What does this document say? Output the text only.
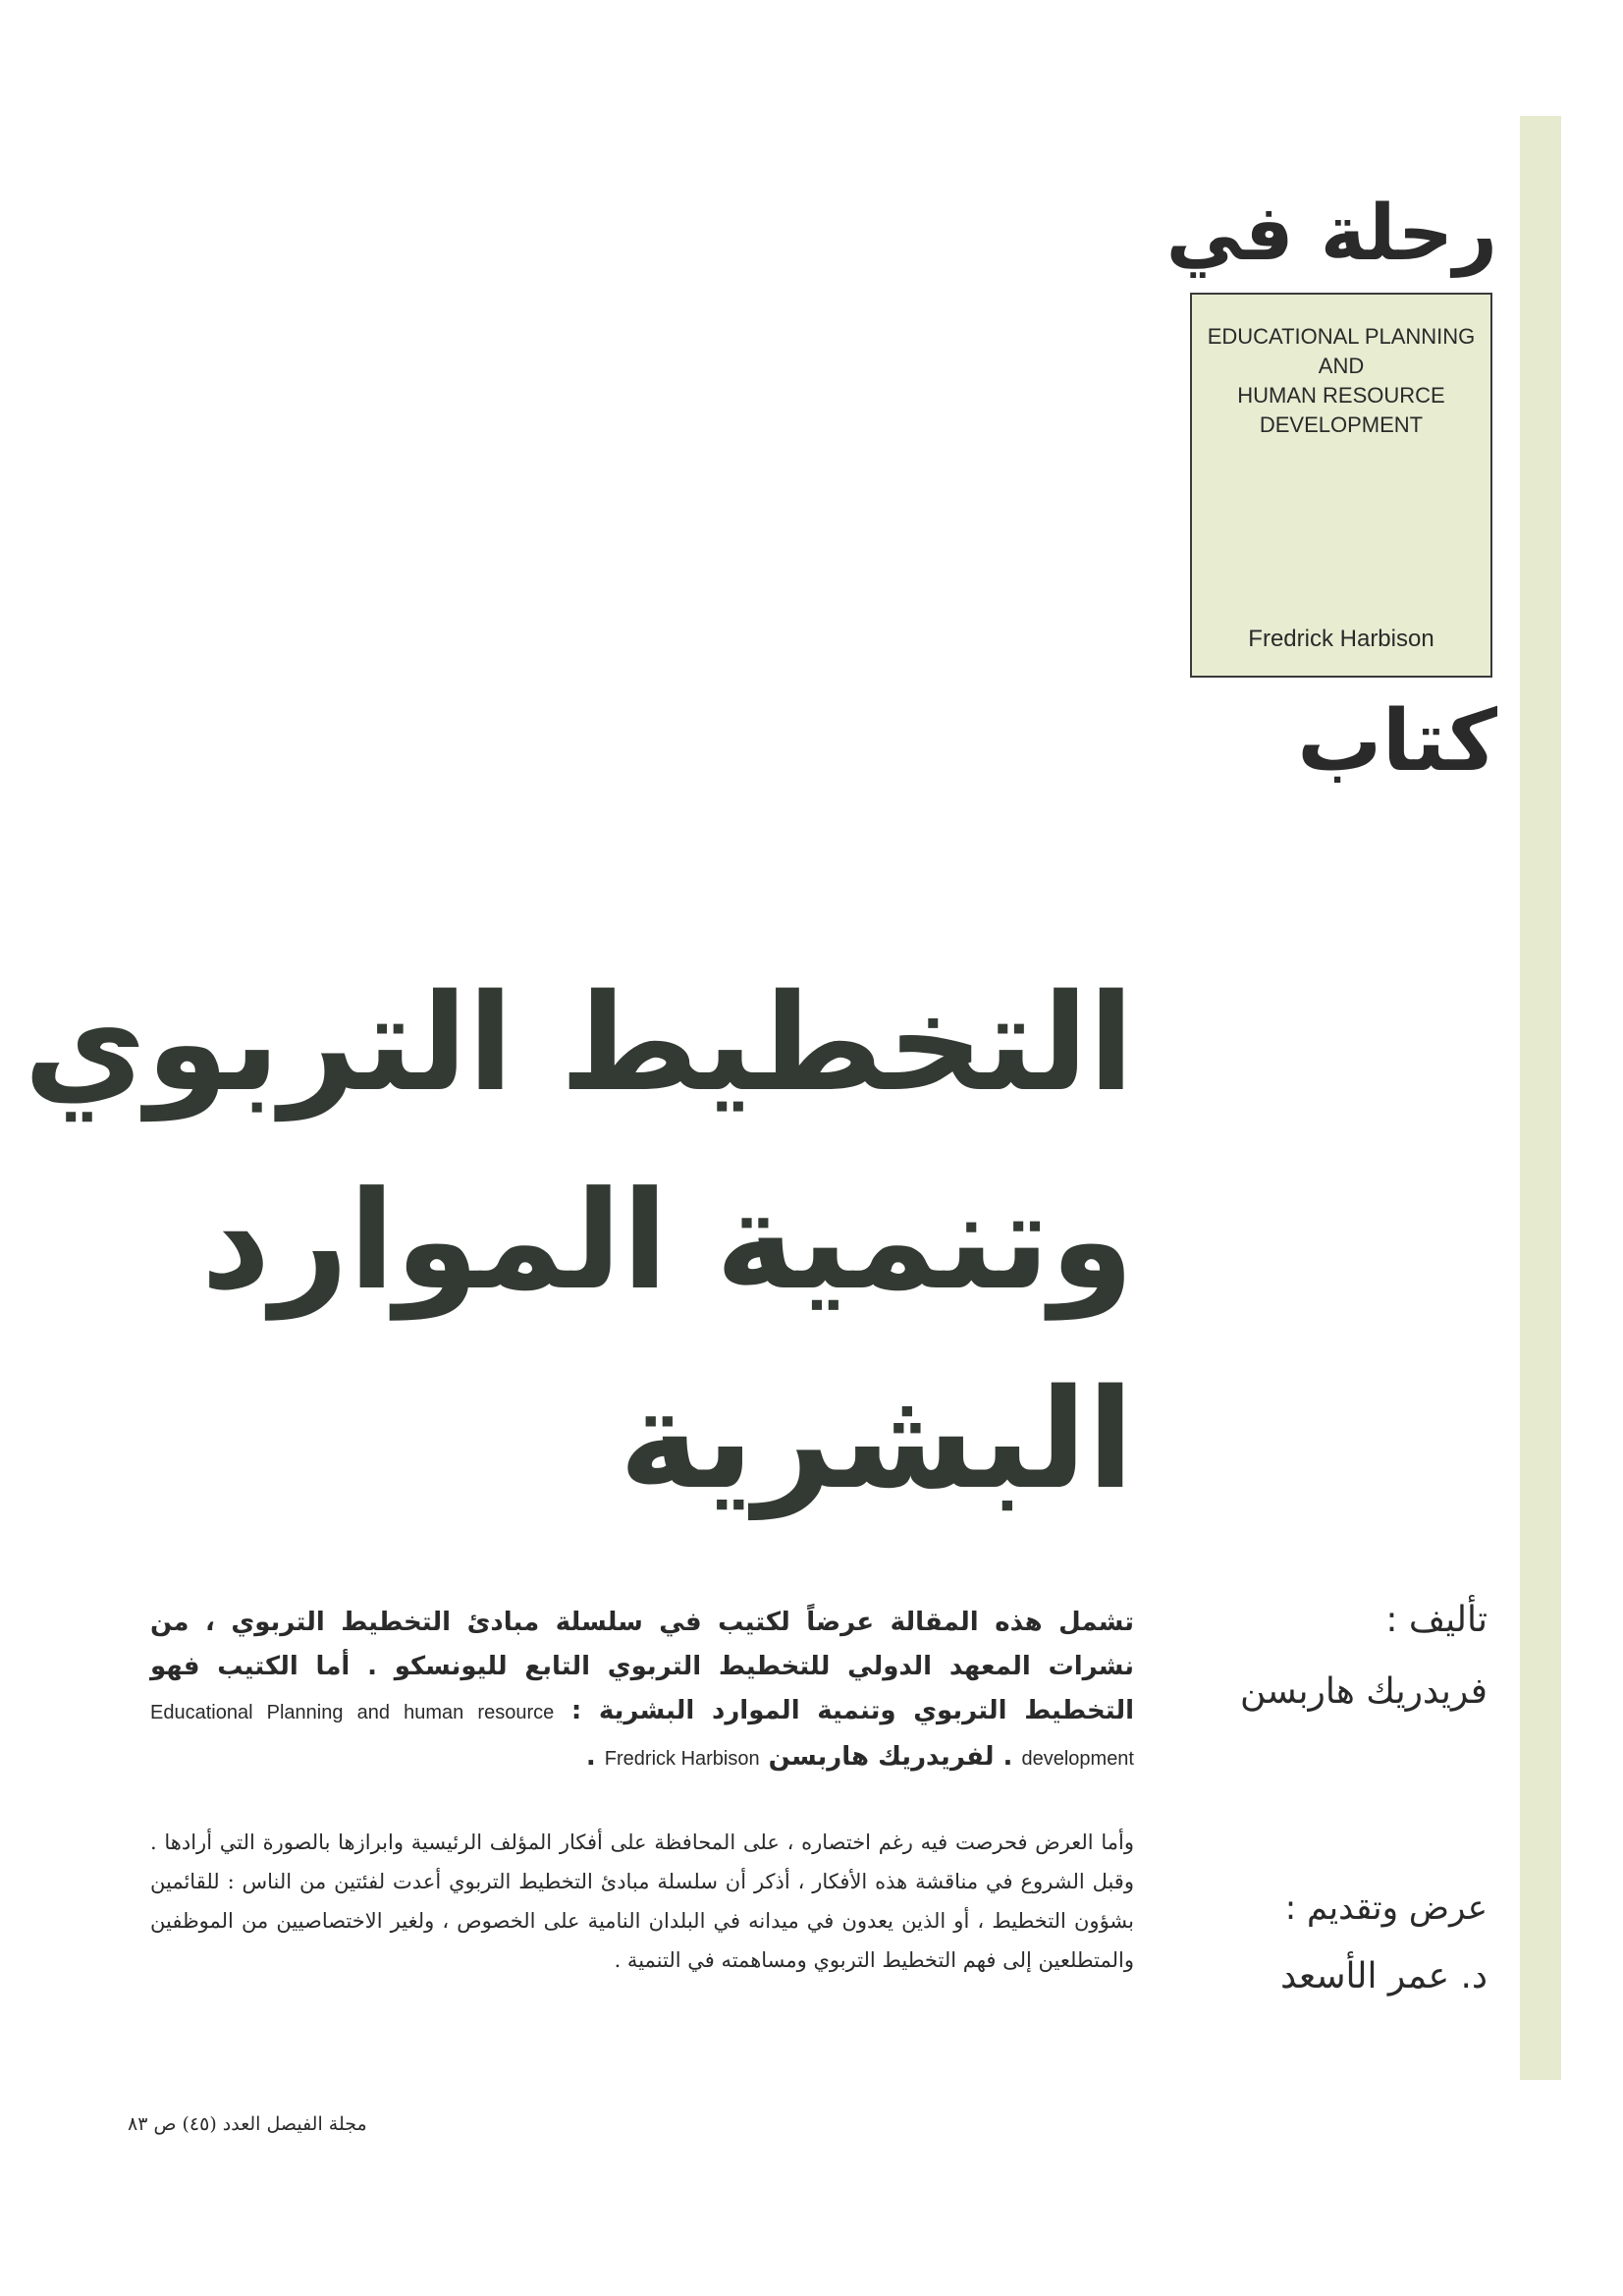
رحلة في
EDUCATIONAL PLANNING
AND
HUMAN RESOURCE
DEVELOPMENT
Fredrick Harbison
كتاب
التخطيط التربوي
وتنمية الموارد
البشرية
تأليف :
فريدريك هاربسن
عرض وتقديم :
د. عمر الأسعد
تشمل هذه المقالة عرضاً لكتيب في سلسلة مبادئ التخطيط التربوي ، من نشرات المعهد الدولي للتخطيط التربوي التابع لليونسكو . أما الكتيب فهو التخطيط التربوي وتنمية الموارد البشرية : Educational Planning and human resource development . لفريدريك هاربسن Fredrick Harbison .
وأما العرض فحرصت فيه رغم اختصاره ، على المحافظة على أفكار المؤلف الرئيسية وابرازها بالصورة التي أرادها . وقبل الشروع في مناقشة هذه الأفكار ، أذكر أن سلسلة مبادئ التخطيط التربوي أعدت لفئتين من الناس : للقائمين بشؤون التخطيط ، أو الذين يعدون في ميدانه في البلدان النامية على الخصوص ، ولغير الاختصاصيين من الموظفين والمتطلعين إلى فهم التخطيط التربوي ومساهمته في التنمية .
مجلة الفيصل العدد (٤٥) ص ٨٣
